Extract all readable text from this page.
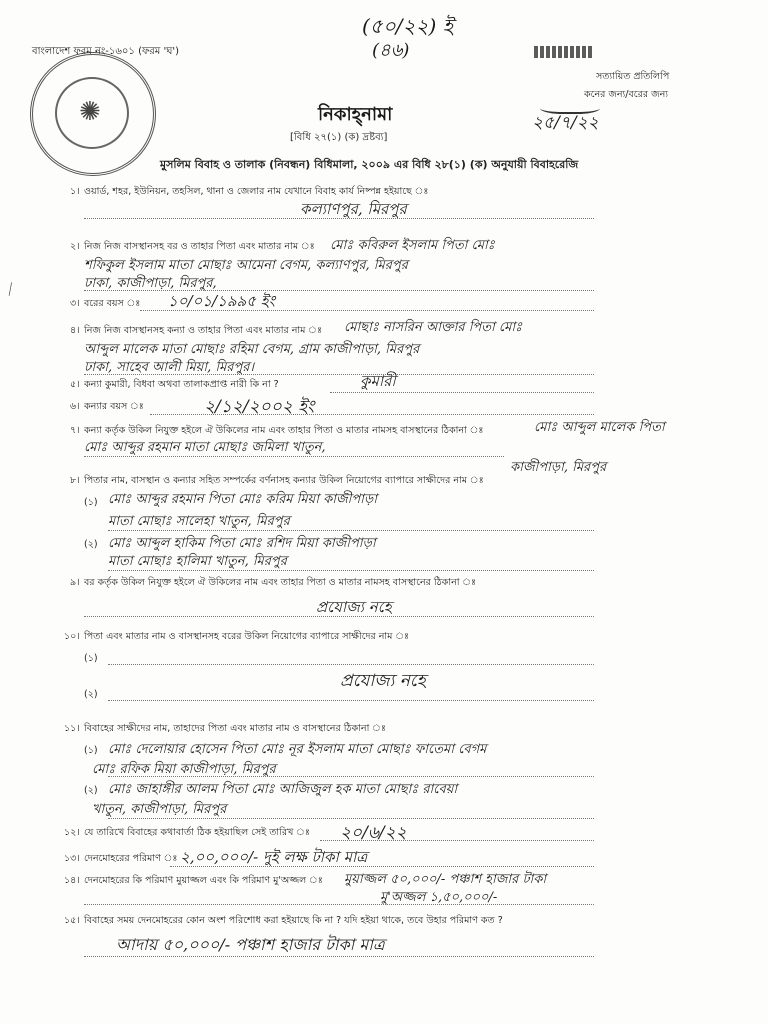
✺
বাংলাদেশ ফরম নং-১৬০১ (ফরম 'ঘ')
(৫০/২২) ই
(৪৬)
সত্যায়িত প্রতিলিপি
কনের জন্য/বরের জন্য
২৫/৭/২২
নিকাহ্‌নামা
[বিধি ২৭(১) (ক) দ্রষ্টব্য]
মুসলিম বিবাহ ও তালাক (নিবন্ধন) বিধিমালা, ২০০৯ এর বিধি ২৮(১) (ক) অনুযায়ী বিবাহরেজি
১। ওয়ার্ড, শহর, ইউনিয়ন, তহসিল, থানা ও জেলার নাম যেখানে বিবাহ কার্য নিষ্পন্ন হইয়াছে ঃ
কল্যাণপুর, মিরপুর
২। নিজ নিজ বাসস্থানসহ বর ও তাহার পিতা এবং মাতার নাম ঃ মোঃ কবিরুল ইসলাম পিতা মোঃ
শফিকুল ইসলাম মাতা মোছাঃ আমেনা বেগম, কল্যাণপুর, মিরপুর
ঢাকা, কাজীপাড়া, মিরপুর,
৩। বরের বয়স ঃ ১০/০১/১৯৯৫ ইং
৪। নিজ নিজ বাসস্থানসহ কন্যা ও তাহার পিতা এবং মাতার নাম ঃ মোছাঃ নাসরিন আক্তার পিতা মোঃ
আব্দুল মালেক মাতা মোছাঃ রহিমা বেগম, গ্রাম কাজীপাড়া, মিরপুর
ঢাকা, সাহেব আলী মিয়া, মিরপুর।
৫। কন্যা কুমারী, বিধবা অথবা তালাকপ্রাপ্ত নারী কি না ?	কুমারী
৬। কন্যার বয়স ঃ	২/১২/২০০২ ইং
৭। কন্যা কর্তৃক উকিল নিযুক্ত হইলে ঐ উকিলের নাম এবং তাহার পিতা ও মাতার নামসহ বাসস্থানের ঠিকানা ঃ	মোঃ আব্দুল মালেক পিতা
মোঃ আব্দুর রহমান মাতা মোছাঃ জমিলা খাতুন,
কাজীপাড়া, মিরপুর
৮। পিতার নাম, বাসস্থান ও কন্যার সহিত সম্পর্কের বর্ণনাসহ কন্যার উকিল নিয়োগের ব্যাপারে সাক্ষীদের নাম ঃ
(১) মোঃ আব্দুর রহমান পিতা মোঃ করিম মিয়া কাজীপাড়া
মাতা মোছাঃ সালেহা খাতুন, মিরপুর
(২) মোঃ আব্দুল হাকিম পিতা মোঃ রশিদ মিয়া কাজীপাড়া
মাতা মোছাঃ হালিমা খাতুন, মিরপুর
৯। বর কর্তৃক উকিল নিযুক্ত হইলে ঐ উকিলের নাম এবং তাহার পিতা ও মাতার নামসহ বাসস্থানের ঠিকানা ঃ
প্রযোজ্য নহে
১০। পিতা এবং মাতার নাম ও বাসস্থানসহ বরের উকিল নিয়োগের ব্যাপারে সাক্ষীদের নাম ঃ
(১)
প্রযোজ্য নহে
(২)
১১। বিবাহের সাক্ষীদের নাম, তাহাদের পিতা এবং মাতার নাম ও বাসস্থানের ঠিকানা ঃ
(১) মোঃ দেলোয়ার হোসেন পিতা মোঃ নূর ইসলাম মাতা মোছাঃ ফাতেমা বেগম
মোঃ রফিক মিয়া কাজীপাড়া, মিরপুর
(২) মোঃ জাহাঙ্গীর আলম পিতা মোঃ আজিজুল হক মাতা মোছাঃ রাবেয়া
খাতুন, কাজীপাড়া, মিরপুর
১২। যে তারিখে বিবাহের কথাবার্তা ঠিক হইয়াছিল সেই তারিখ ঃ ২০/৬/২২
১৩। দেনমোহরের পরিমাণ ঃ ২,০০,০০০/- দুই লক্ষ টাকা মাত্র
১৪। দেনমোহরের কি পরিমাণ মুয়াজ্জল এবং কি পরিমাণ মু'অজ্জল ঃ মুয়াজ্জল ৫০,০০০/- পঞ্চাশ হাজার টাকা
মু'অজ্জল ১,৫০,০০০/-
১৫। বিবাহের সময় দেনমোহরের কোন অংশ পরিশোধ করা হইয়াছে কি না ? যদি হইয়া থাকে, তবে উহার পরিমাণ কত ?
আদায় ৫০,০০০/- পঞ্চাশ হাজার টাকা মাত্র
⟋
